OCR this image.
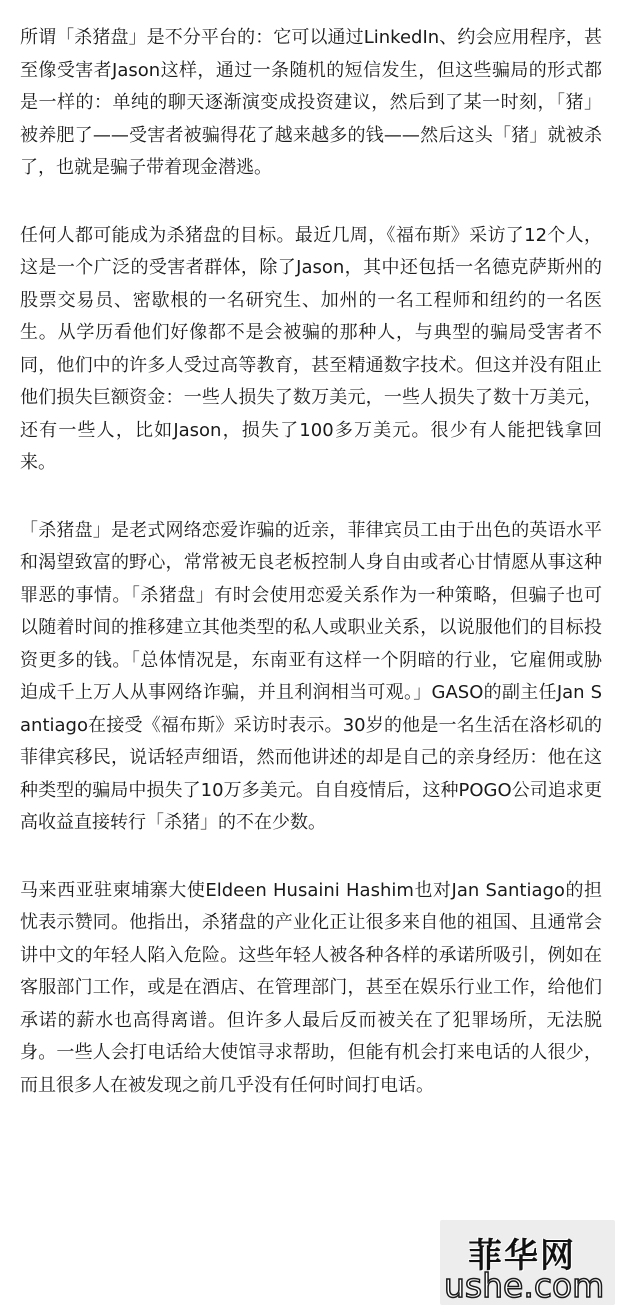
所谓「杀猪盘」是不分平台的：它可以通过LinkedIn、约会应用程序，甚至像受害者Jason这样，通过一条随机的短信发生，但这些骗局的形式都是一样的：单纯的聊天逐渐演变成投资建议，然后到了某一时刻，「猪」被养肥了——受害者被骗得花了越来越多的钱——然后这头「猪」就被杀了，也就是骗子带着现金潜逃。

任何人都可能成为杀猪盘的目标。最近几周，《福布斯》采访了12个人，这是一个广泛的受害者群体，除了Jason，其中还包括一名德克萨斯州的股票交易员、密歇根的一名研究生、加州的一名工程师和纽约的一名医生。从学历看他们好像都不是会被骗的那种人，与典型的骗局受害者不同，他们中的许多人受过高等教育，甚至精通数字技术。但这并没有阻止他们损失巨额资金：一些人损失了数万美元，一些人损失了数十万美元，还有一些人，比如Jason，损失了100多万美元。很少有人能把钱拿回来。

「杀猪盘」是老式网络恋爱诈骗的近亲，菲律宾员工由于出色的英语水平和渴望致富的野心，常常被无良老板控制人身自由或者心甘情愿从事这种罪恶的事情。「杀猪盘」有时会使用恋爱关系作为一种策略，但骗子也可以随着时间的推移建立其他类型的私人或职业关系，以说服他们的目标投资更多的钱。「总体情况是，东南亚有这样一个阴暗的行业，它雇佣或胁迫成千上万人从事网络诈骗，并且利润相当可观。」GASO的副主任Jan Santiago在接受《福布斯》采访时表示。30岁的他是一名生活在洛杉矶的菲律宾移民，说话轻声细语，然而他讲述的却是自己的亲身经历：他在这种类型的骗局中损失了10万多美元。自自疫情后，这种POGO公司追求更高收益直接转行「杀猪」的不在少数。

马来西亚驻柬埔寨大使Eldeen Husaini Hashim也对Jan Santiago的担忧表示赞同。他指出，杀猪盘的产业化正让很多来自他的祖国、且通常会讲中文的年轻人陷入危险。这些年轻人被各种各样的承诺所吸引，例如在客服部门工作，或是在酒店、在管理部门，甚至在娱乐行业工作，给他们承诺的薪水也高得离谱。但许多人最后反而被关在了犯罪场所，无法脱身。一些人会打电话给大使馆寻求帮助，但能有机会打来电话的人很少，而且很多人在被发现之前几乎没有任何时间打电话。

菲华网
ushe.com
